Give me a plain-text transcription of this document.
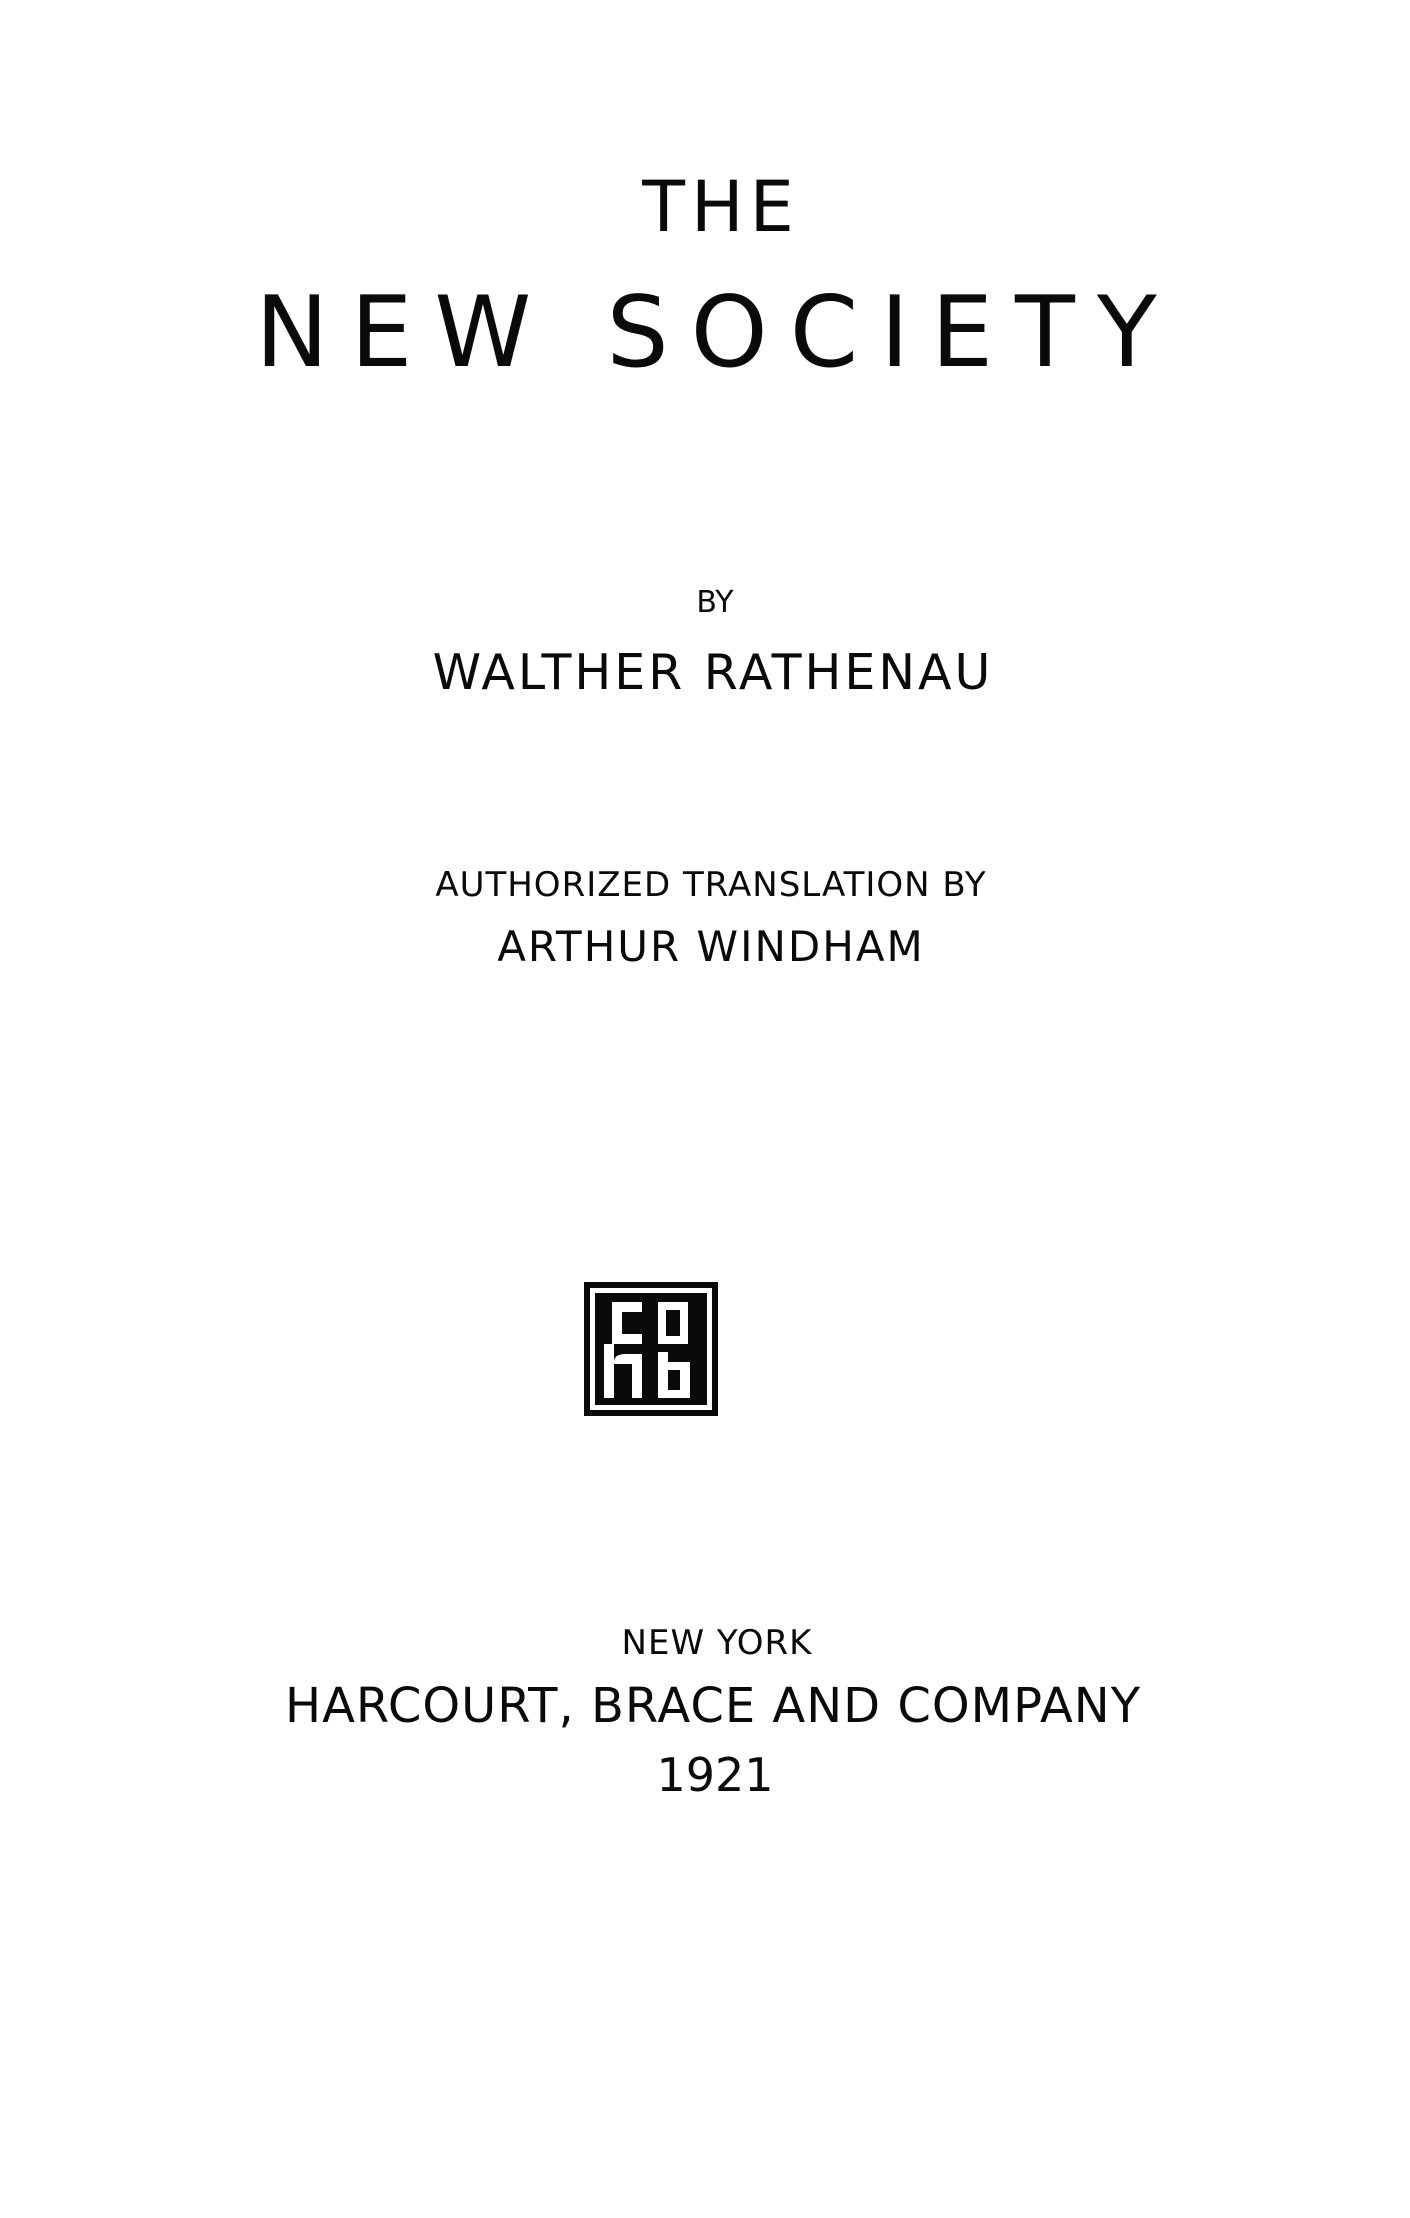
THE
NEW SOCIETY
BY
WALTHER RATHENAU
AUTHORIZED TRANSLATION BY
ARTHUR WINDHAM
NEW YORK
HARCOURT, BRACE AND COMPANY
1921
